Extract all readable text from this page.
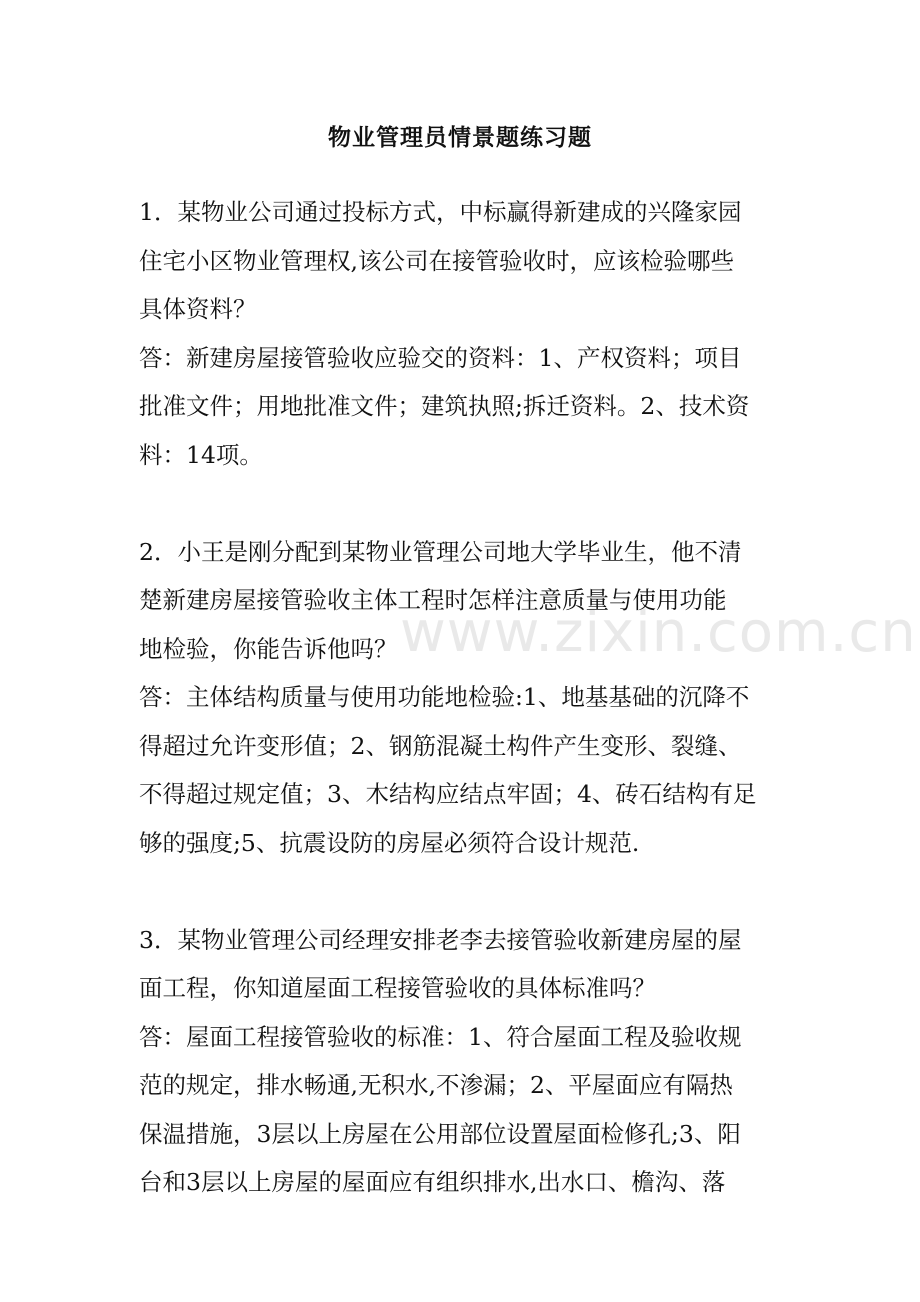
www.zixin.com.cn
物业管理员情景题练习题
1．某物业公司通过投标方式，中标赢得新建成的兴隆家园
住宅小区物业管理权,该公司在接管验收时，应该检验哪些
具体资料？
答：新建房屋接管验收应验交的资料：1、产权资料；项目
批准文件；用地批准文件；建筑执照;拆迁资料。2、技术资
料：14项。
2．小王是刚分配到某物业管理公司地大学毕业生，他不清
楚新建房屋接管验收主体工程时怎样注意质量与使用功能
地检验，你能告诉他吗？
答：主体结构质量与使用功能地检验:1、地基基础的沉降不
得超过允许变形值；2、钢筋混凝土构件产生变形、裂缝、
不得超过规定值；3、木结构应结点牢固；4、砖石结构有足
够的强度;5、抗震设防的房屋必须符合设计规范.
3．某物业管理公司经理安排老李去接管验收新建房屋的屋
面工程，你知道屋面工程接管验收的具体标准吗？
答：屋面工程接管验收的标准：1、符合屋面工程及验收规
范的规定，排水畅通,无积水,不渗漏；2、平屋面应有隔热
保温措施，3层以上房屋在公用部位设置屋面检修孔;3、阳
台和3层以上房屋的屋面应有组织排水,出水口、檐沟、落
